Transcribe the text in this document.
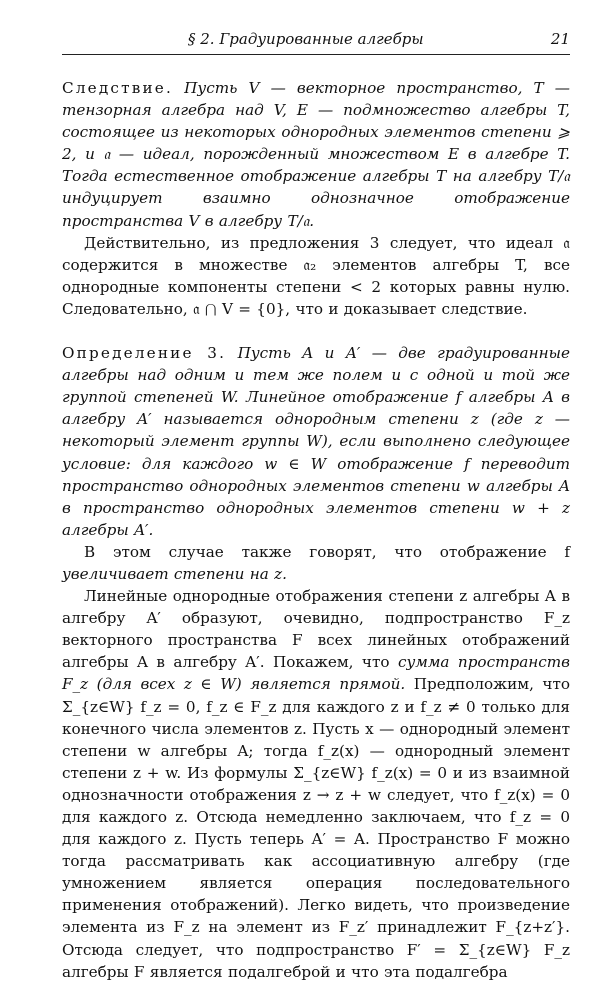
§ 2. Градуированные алгебры	21

Следствие. Пусть V — векторное пространство, T — тензорная алгебра над V, E — подмножество алгебры T, состоящее из некоторых однородных элементов степени ⩾ 2, и 𝔞 — идеал, порожденный множеством E в алгебре T. Тогда естественное отображение алгебры T на алгебру T/𝔞 индуцирует взаимно однозначное отображение пространства V в алгебру T/𝔞.

Действительно, из предложения 3 следует, что идеал 𝔞 содержится в множестве 𝔞₂ элементов алгебры T, все однородные компоненты степени < 2 которых равны нулю. Следовательно, 𝔞 ⋂ V = {0}, что и доказывает следствие.

Определение 3. Пусть A и A′ — две градуированные алгебры над одним и тем же полем и с одной и той же группой степеней W. Линейное отображение f алгебры A в алгебру A′ называется однородным степени z (где z — некоторый элемент группы W), если выполнено следующее условие: для каждого w ∈ W отображение f переводит пространство однородных элементов степени w алгебры A в пространство однородных элементов степени w + z алгебры A′.

В этом случае также говорят, что отображение f увеличивает степени на z.

Линейные однородные отображения степени z алгебры A в алгебру A′ образуют, очевидно, подпространство F_z векторного пространства F всех линейных отображений алгебры A в алгебру A′. Покажем, что сумма пространств F_z (для всех z ∈ W) является прямой. Предположим, что Σ_{z∈W} f_z = 0, f_z ∈ F_z для каждого z и f_z ≠ 0 только для конечного числа элементов z. Пусть x — однородный элемент степени w алгебры A; тогда f_z(x) — однородный элемент степени z + w. Из формулы Σ_{z∈W} f_z(x) = 0 и из взаимной однозначности отображения z → z + w следует, что f_z(x) = 0 для каждого z. Отсюда немедленно заключаем, что f_z = 0 для каждого z. Пусть теперь A′ = A. Пространство F можно тогда рассматривать как ассоциативную алгебру (где умножением является операция последовательного применения отображений). Легко видеть, что произведение элемента из F_z на элемент из F_z′ принадлежит F_{z+z′}. Отсюда следует, что подпространство F′ = Σ_{z∈W} F_z алгебры F является подалгеброй и что эта подалгебра
